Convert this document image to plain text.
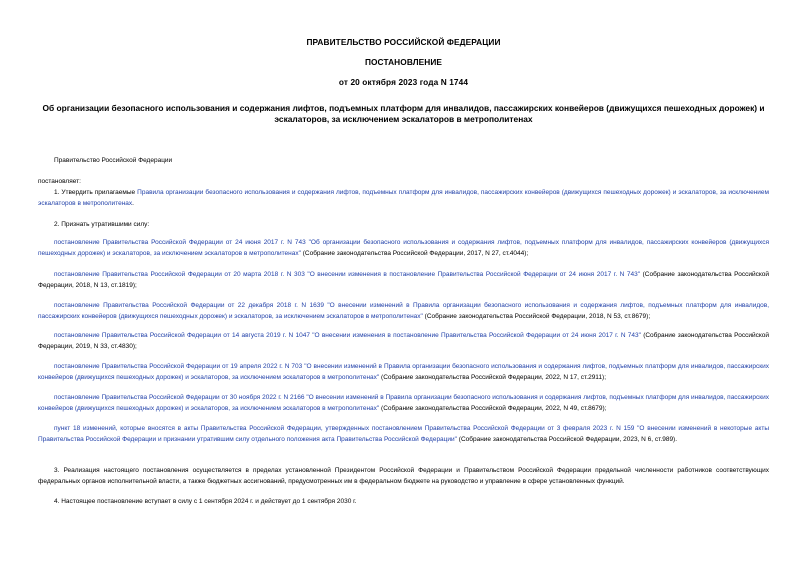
ПРАВИТЕЛЬСТВО РОССИЙСКОЙ ФЕДЕРАЦИИ
ПОСТАНОВЛЕНИЕ
от 20 октября 2023 года N 1744
Об организации безопасного использования и содержания лифтов, подъемных платформ для инвалидов, пассажирских конвейеров (движущихся пешеходных дорожек) и эскалаторов, за исключением эскалаторов в метрополитенах
Правительство Российской Федерации
постановляет:
1. Утвердить прилагаемые Правила организации безопасного использования и содержания лифтов, подъемных платформ для инвалидов, пассажирских конвейеров (движущихся пешеходных дорожек) и эскалаторов, за исключением эскалаторов в метрополитенах.
2. Признать утратившими силу:
постановление Правительства Российской Федерации от 24 июня 2017 г. N 743 "Об организации безопасного использования и содержания лифтов, подъемных платформ для инвалидов, пассажирских конвейеров (движущихся пешеходных дорожек) и эскалаторов, за исключением эскалаторов в метрополитенах" (Собрание законодательства Российской Федерации, 2017, N 27, ст.4044);
постановление Правительства Российской Федерации от 20 марта 2018 г. N 303 "О внесении изменения в постановление Правительства Российской Федерации от 24 июня 2017 г. N 743" (Собрание законодательства Российской Федерации, 2018, N 13, ст.1819);
постановление Правительства Российской Федерации от 22 декабря 2018 г. N 1639 "О внесении изменений в Правила организации безопасного использования и содержания лифтов, подъемных платформ для инвалидов, пассажирских конвейеров (движущихся пешеходных дорожек) и эскалаторов, за исключением эскалаторов в метрополитенах" (Собрание законодательства Российской Федерации, 2018, N 53, ст.8679);
постановление Правительства Российской Федерации от 14 августа 2019 г. N 1047 "О внесении изменения в постановление Правительства Российской Федерации от 24 июня 2017 г. N 743" (Собрание законодательства Российской Федерации, 2019, N 33, ст.4830);
постановление Правительства Российской Федерации от 19 апреля 2022 г. N 703 "О внесении изменений в Правила организации безопасного использования и содержания лифтов, подъемных платформ для инвалидов, пассажирских конвейеров (движущихся пешеходных дорожек) и эскалаторов, за исключением эскалаторов в метрополитенах" (Собрание законодательства Российской Федерации, 2022, N 17, ст.2911);
постановление Правительства Российской Федерации от 30 ноября 2022 г. N 2166 "О внесении изменений в Правила организации безопасного использования и содержания лифтов, подъемных платформ для инвалидов, пассажирских конвейеров (движущихся пешеходных дорожек) и эскалаторов, за исключением эскалаторов в метрополитенах" (Собрание законодательства Российской Федерации, 2022, N 49, ст.8679);
пункт 18 изменений, которые вносятся в акты Правительства Российской Федерации, утвержденных постановлением Правительства Российской Федерации от 3 февраля 2023 г. N 159 "О внесении изменений в некоторые акты Правительства Российской Федерации и признании утратившим силу отдельного положения акта Правительства Российской Федерации" (Собрание законодательства Российской Федерации, 2023, N 6, ст.989).
3. Реализация настоящего постановления осуществляется в пределах установленной Президентом Российской Федерации и Правительством Российской Федерации предельной численности работников соответствующих федеральных органов исполнительной власти, а также бюджетных ассигнований, предусмотренных им в федеральном бюджете на руководство и управление в сфере установленных функций.
4. Настоящее постановление вступает в силу с 1 сентября 2024 г. и действует до 1 сентября 2030 г.
